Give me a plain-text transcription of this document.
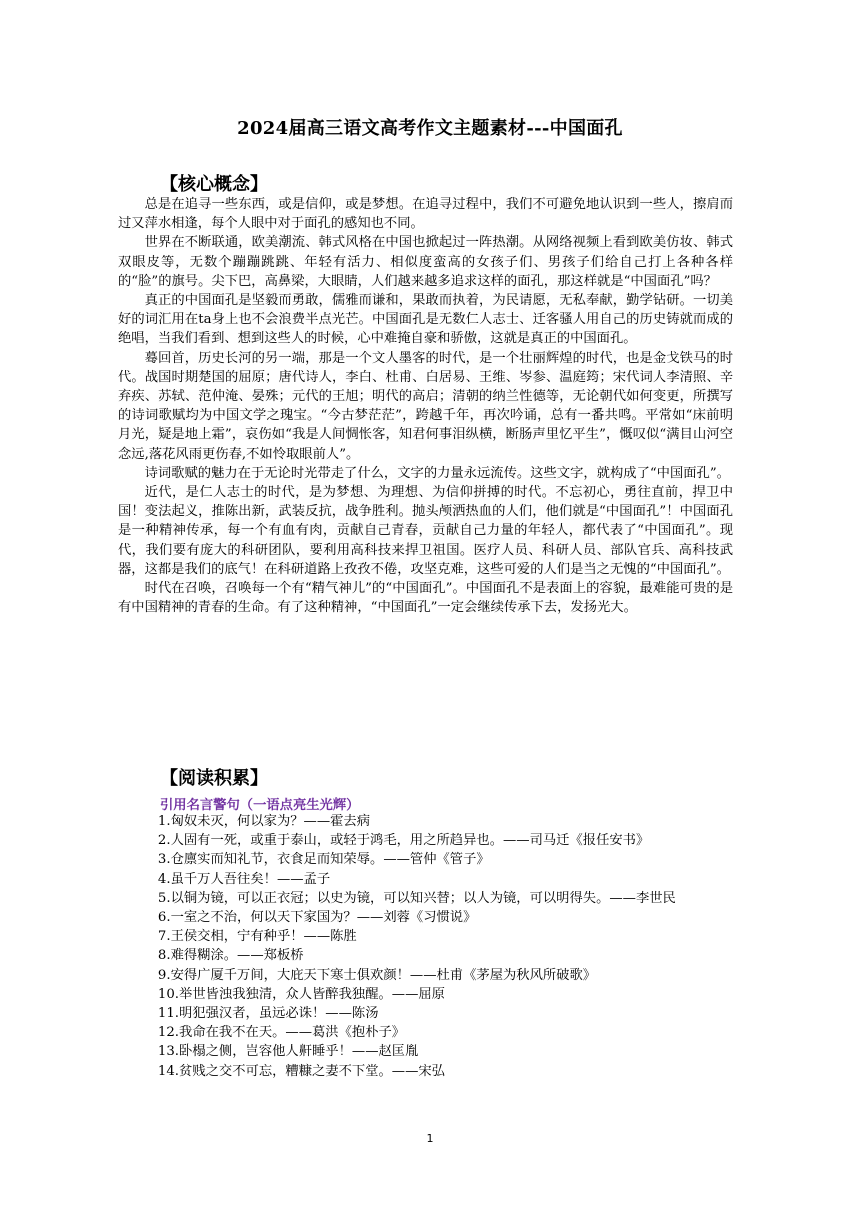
2024届高三语文高考作文主题素材---中国面孔
【核心概念】

总是在追寻一些东西，或是信仰，或是梦想。在追寻过程中，我们不可避免地认识到一些人，擦肩而过又萍水相逢，每个人眼中对于面孔的感知也不同。

世界在不断联通，欧美潮流、韩式风格在中国也掀起过一阵热潮。从网络视频上看到欧美仿妆、韩式双眼皮等，无数个蹦蹦跳跳、年轻有活力、相似度蛮高的女孩子们、男孩子们给自己打上各种各样的“脸”的旗号。尖下巴，高鼻梁，大眼睛，人们越来越多追求这样的面孔，那这样就是“中国面孔”吗？

真正的中国面孔是坚毅而勇敢，儒雅而谦和，果敢而执着，为民请愿，无私奉献，勤学钻研。一切美好的词汇用在ta身上也不会浪费半点光芒。中国面孔是无数仁人志士、迁客骚人用自己的历史铸就而成的绝唱，当我们看到、想到这些人的时候，心中难掩自豪和骄傲，这就是真正的中国面孔。

蓦回首，历史长河的另一端，那是一个文人墨客的时代，是一个壮丽辉煌的时代，也是金戈铁马的时代。战国时期楚国的屈原；唐代诗人，李白、杜甫、白居易、王维、岑参、温庭筠；宋代词人李清照、辛弃疾、苏轼、范仲淹、晏殊；元代的王旭；明代的高启；清朝的纳兰性德等，无论朝代如何变更，所撰写的诗词歌赋均为中国文学之瑰宝。“今古梦茫茫”，跨越千年，再次吟诵，总有一番共鸣。平常如“床前明月光，疑是地上霜”，哀伤如“我是人间惆怅客，知君何事泪纵横，断肠声里忆平生”，慨叹似“满目山河空念远,落花风雨更伤春,不如怜取眼前人”。

诗词歌赋的魅力在于无论时光带走了什么，文字的力量永远流传。这些文字，就构成了“中国面孔”。

近代，是仁人志士的时代，是为梦想、为理想、为信仰拼搏的时代。不忘初心，勇往直前，捍卫中国！变法起义，推陈出新，武装反抗，战争胜利。抛头颅洒热血的人们，他们就是“中国面孔”！中国面孔是一种精神传承，每一个有血有肉，贡献自己青春，贡献自己力量的年轻人，都代表了“中国面孔”。现代，我们要有庞大的科研团队，要利用高科技来捍卫祖国。医疗人员、科研人员、部队官兵、高科技武器，这都是我们的底气！在科研道路上孜孜不倦，攻坚克难，这些可爱的人们是当之无愧的“中国面孔”。

时代在召唤，召唤每一个有“精气神儿”的“中国面孔”。中国面孔不是表面上的容貌，最难能可贵的是有中国精神的青春的生命。有了这种精神，“中国面孔”一定会继续传承下去，发扬光大。

【阅读积累】
引用名言警句（一语点亮生光辉）

1.匈奴未灭，何以家为？——霍去病

2.人固有一死，或重于泰山，或轻于鸿毛，用之所趋异也。——司马迁《报任安书》

3.仓廪实而知礼节，衣食足而知荣辱。——管仲《管子》

4.虽千万人吾往矣！——孟子

5.以铜为镜，可以正衣冠；以史为镜，可以知兴替；以人为镜，可以明得失。——李世民

6.一室之不治，何以天下家国为？——刘蓉《习惯说》

7.王侯交相，宁有种乎！——陈胜

8.难得糊涂。——郑板桥

9.安得广厦千万间，大庇天下寒士俱欢颜！——杜甫《茅屋为秋风所破歌》

10.举世皆浊我独清，众人皆醉我独醒。——屈原

11.明犯强汉者，虽远必诛！——陈汤

12.我命在我不在天。——葛洪《抱朴子》

13.卧榻之侧，岂容他人鼾睡乎！——赵匡胤

14.贫贱之交不可忘，糟糠之妻不下堂。——宋弘

1
